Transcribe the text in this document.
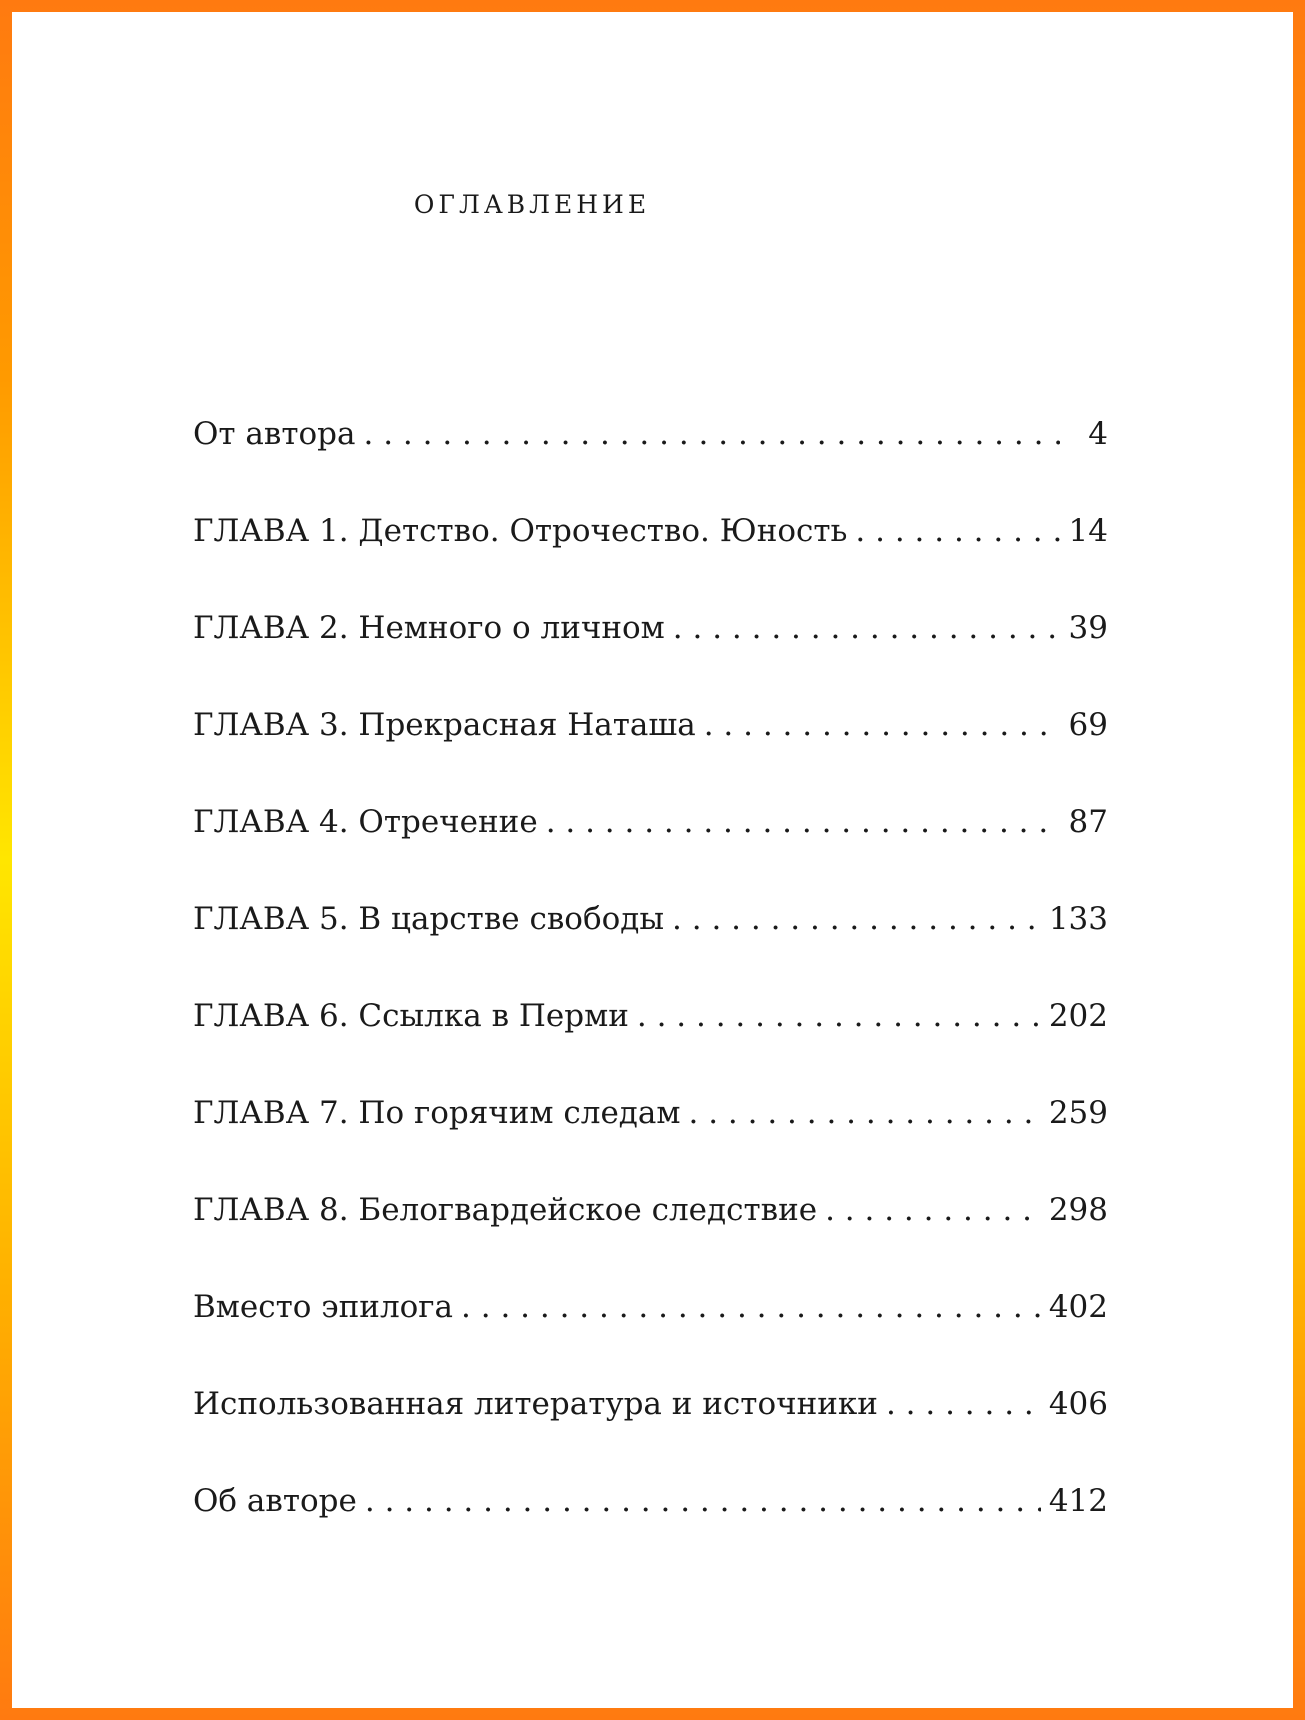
ОГЛАВЛЕНИЕ
От автора . . .	4
ГЛАВА 1. Детство. Отрочество. Юность . . .	14
ГЛАВА 2. Немного о личном . . .	39
ГЛАВА 3. Прекрасная Наташа . . .	69
ГЛАВА 4. Отречение . . .	87
ГЛАВА 5. В царстве свободы . . .	133
ГЛАВА 6. Ссылка в Перми . . .	202
ГЛАВА 7. По горячим следам . . .	259
ГЛАВА 8. Белогвардейское следствие . . .	298
Вместо эпилога . . .	402
Использованная литература и источники . . .	406
Об авторе . . .	412
